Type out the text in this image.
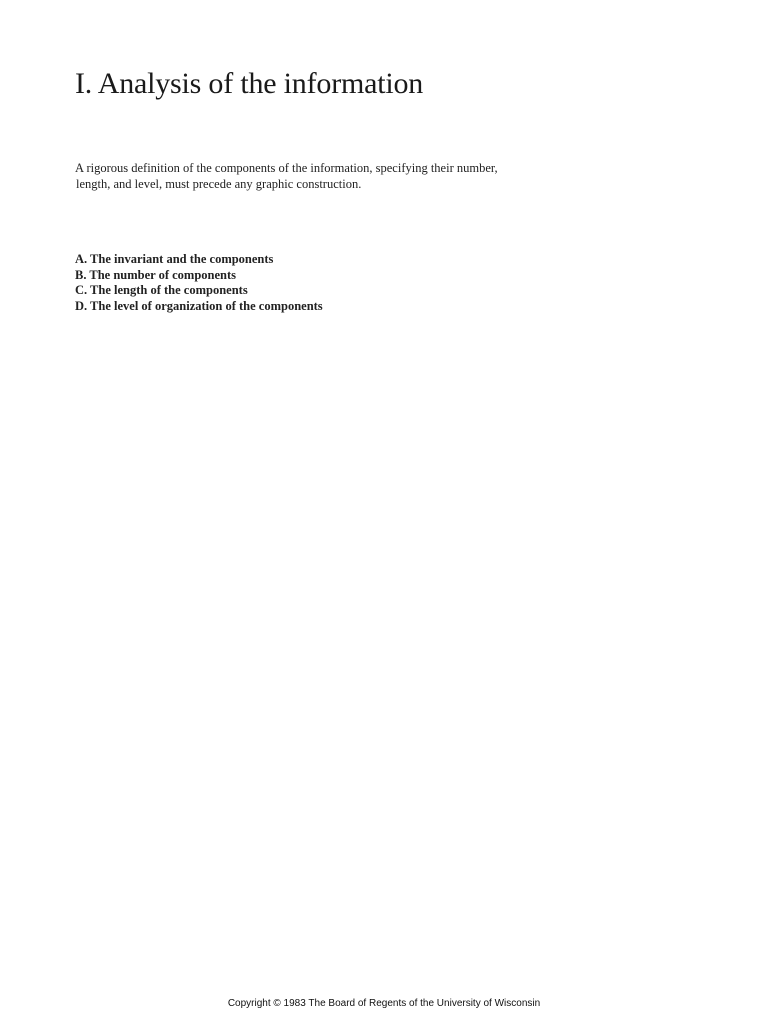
I. Analysis of the information
A rigorous definition of the components of the information, specifying their number,
length, and level, must precede any graphic construction.
A. The invariant and the components
B. The number of components
C. The length of the components
D. The level of organization of the components
Copyright © 1983 The Board of Regents of the University of Wisconsin
